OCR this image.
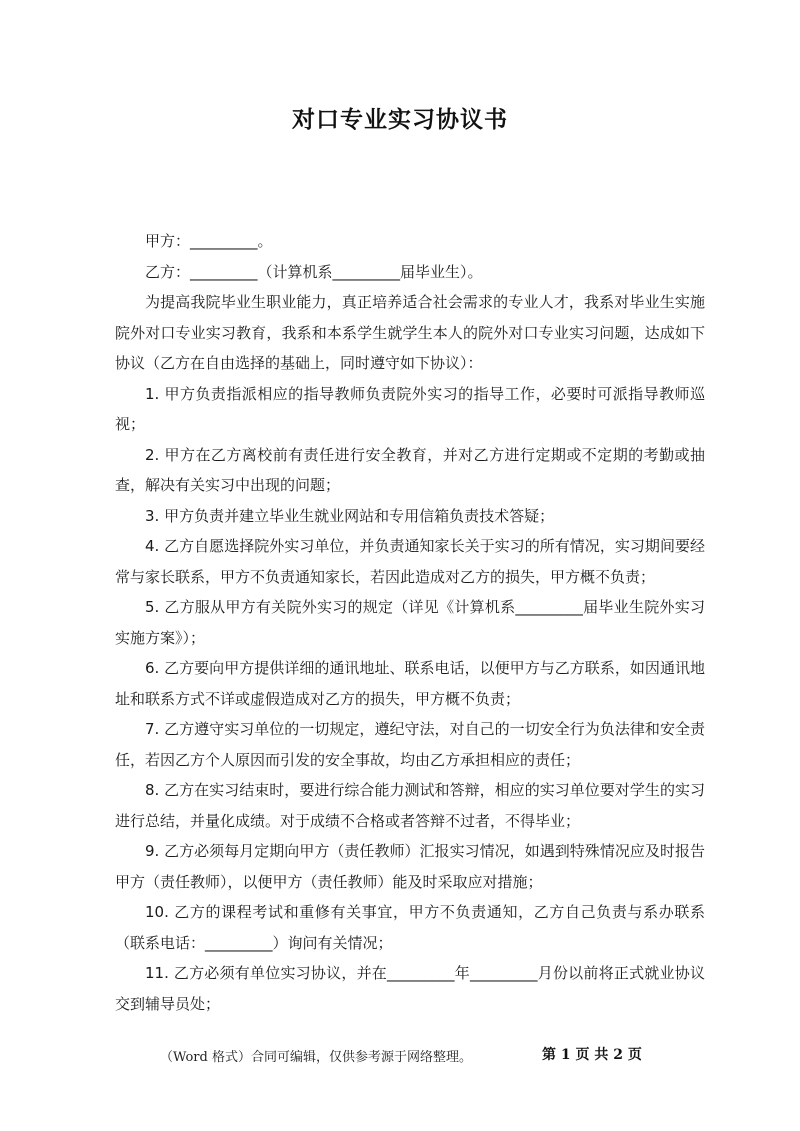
对口专业实习协议书

甲方：_________。

乙方：_________（计算机系_________届毕业生）。

为提高我院毕业生职业能力，真正培养适合社会需求的专业人才，我系对毕业生实施院外对口专业实习教育，我系和本系学生就学生本人的院外对口专业实习问题，达成如下协议（乙方在自由选择的基础上，同时遵守如下协议）：

1. 甲方负责指派相应的指导教师负责院外实习的指导工作，必要时可派指导教师巡视；

2. 甲方在乙方离校前有责任进行安全教育，并对乙方进行定期或不定期的考勤或抽查，解决有关实习中出现的问题；

3. 甲方负责并建立毕业生就业网站和专用信箱负责技术答疑；

4. 乙方自愿选择院外实习单位，并负责通知家长关于实习的所有情况，实习期间要经常与家长联系，甲方不负责通知家长，若因此造成对乙方的损失，甲方概不负责；

5. 乙方服从甲方有关院外实习的规定（详见《计算机系_________届毕业生院外实习实施方案》）；

6. 乙方要向甲方提供详细的通讯地址、联系电话，以便甲方与乙方联系，如因通讯地址和联系方式不详或虚假造成对乙方的损失，甲方概不负责；

7. 乙方遵守实习单位的一切规定，遵纪守法，对自己的一切安全行为负法律和安全责任，若因乙方个人原因而引发的安全事故，均由乙方承担相应的责任；

8. 乙方在实习结束时，要进行综合能力测试和答辩，相应的实习单位要对学生的实习进行总结，并量化成绩。对于成绩不合格或者答辩不过者，不得毕业；

9. 乙方必须每月定期向甲方（责任教师）汇报实习情况，如遇到特殊情况应及时报告甲方（责任教师），以便甲方（责任教师）能及时采取应对措施；

10. 乙方的课程考试和重修有关事宜，甲方不负责通知，乙方自己负责与系办联系（联系电话：_________）询问有关情况；

11. 乙方必须有单位实习协议，并在_________年_________月份以前将正式就业协议交到辅导员处；

（Word 格式）合同可编辑，仅供参考源于网络整理。	第 1 页 共 2 页
